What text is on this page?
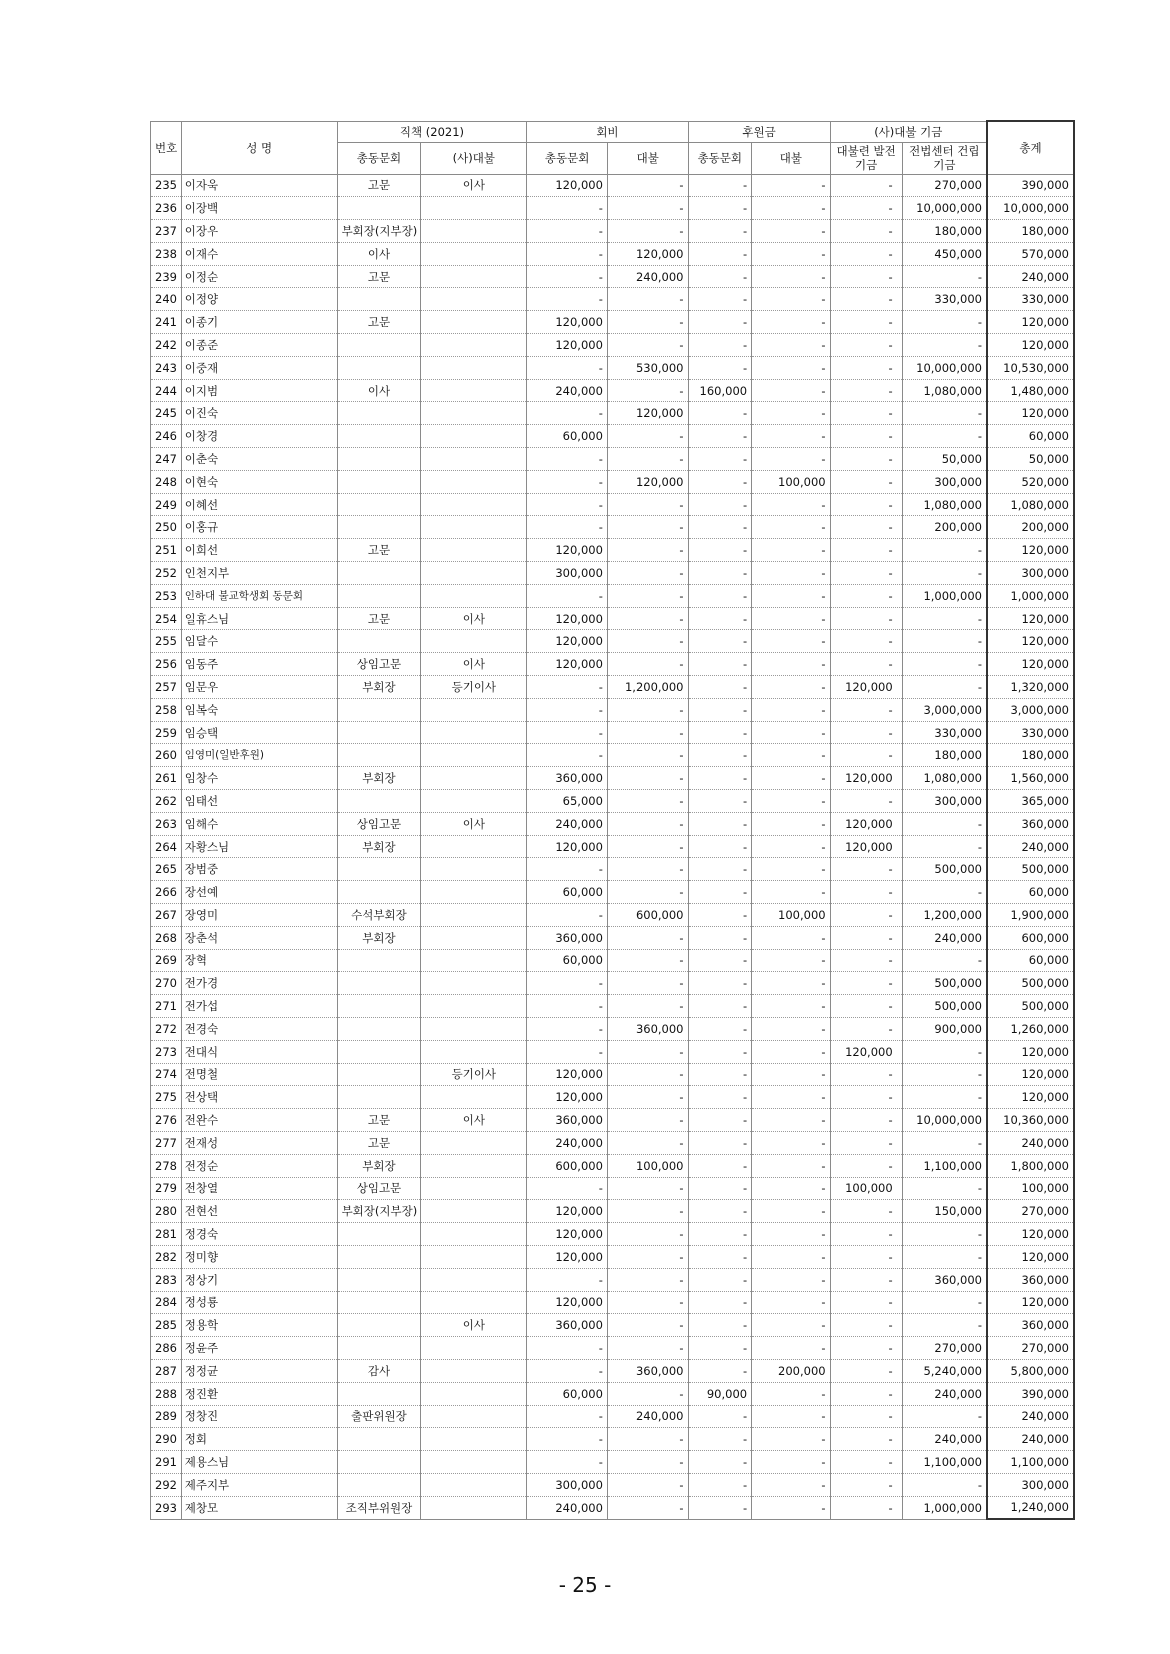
번호	성 명	직책 (2021)		회비		후원금		(사)대불 기금		총계
		총동문회	(사)대불	총동문회	대불	총동문회	대불	대불련 발전기금	전법센터 건립기금	
235	이자욱	고문	이사	120,000	-	-	-	-	270,000	390,000
236	이장백			-	-	-	-	-	10,000,000	10,000,000
237	이장우	부회장(지부장)		-	-	-	-	-	180,000	180,000
238	이재수	이사		-	120,000	-	-	-	450,000	570,000
239	이정순	고문		-	240,000	-	-	-	-	240,000
240	이정양			-	-	-	-	-	330,000	330,000
241	이종기	고문		120,000	-	-	-	-	-	120,000
242	이종준			120,000	-	-	-	-	-	120,000
243	이중재			-	530,000	-	-	-	10,000,000	10,530,000
244	이지범	이사		240,000	-	160,000	-	-	1,080,000	1,480,000
245	이진숙			-	120,000	-	-	-	-	120,000
246	이창경			60,000	-	-	-	-	-	60,000
247	이춘숙			-	-	-	-	-	50,000	50,000
248	이현숙			-	120,000	-	100,000	-	300,000	520,000
249	이혜선			-	-	-	-	-	1,080,000	1,080,000
250	이홍규			-	-	-	-	-	200,000	200,000
251	이희선	고문		120,000	-	-	-	-	-	120,000
252	인천지부			300,000	-	-	-	-	-	300,000
253	인하대 불교학생회 동문회			-	-	-	-	-	1,000,000	1,000,000
254	일휴스님	고문	이사	120,000	-	-	-	-	-	120,000
255	임달수			120,000	-	-	-	-	-	120,000
256	임동주	상임고문	이사	120,000	-	-	-	-	-	120,000
257	임문우	부회장	등기이사	-	1,200,000	-	-	120,000	-	1,320,000
258	임복숙			-	-	-	-	-	3,000,000	3,000,000
259	임승택			-	-	-	-	-	330,000	330,000
260	임영미(일반후원)			-	-	-	-	-	180,000	180,000
261	임창수	부회장		360,000	-	-	-	120,000	1,080,000	1,560,000
262	임태선			65,000	-	-	-	-	300,000	365,000
263	임해수	상임고문	이사	240,000	-	-	-	120,000	-	360,000
264	자황스님	부회장		120,000	-	-	-	120,000	-	240,000
265	장범중			-	-	-	-	-	500,000	500,000
266	장선예			60,000	-	-	-	-	-	60,000
267	장영미	수석부회장		-	600,000	-	100,000	-	1,200,000	1,900,000
268	장춘석	부회장		360,000	-	-	-	-	240,000	600,000
269	장혁			60,000	-	-	-	-	-	60,000
270	전가경			-	-	-	-	-	500,000	500,000
271	전가섭			-	-	-	-	-	500,000	500,000
272	전경숙			-	360,000	-	-	-	900,000	1,260,000
273	전대식			-	-	-	-	120,000	-	120,000
274	전명철		등기이사	120,000	-	-	-	-	-	120,000
275	전상택			120,000	-	-	-	-	-	120,000
276	전완수	고문	이사	360,000	-	-	-	-	10,000,000	10,360,000
277	전재성	고문		240,000	-	-	-	-	-	240,000
278	전정순	부회장		600,000	100,000	-	-	-	1,100,000	1,800,000
279	전창열	상임고문		-	-	-	-	100,000	-	100,000
280	전현선	부회장(지부장)		120,000	-	-	-	-	150,000	270,000
281	정경숙			120,000	-	-	-	-	-	120,000
282	정미향			120,000	-	-	-	-	-	120,000
283	정상기			-	-	-	-	-	360,000	360,000
284	정성룡			120,000	-	-	-	-	-	120,000
285	정용학		이사	360,000	-	-	-	-	-	360,000
286	정윤주			-	-	-	-	-	270,000	270,000
287	정정균	감사		-	360,000	-	200,000	-	5,240,000	5,800,000
288	정진환			60,000	-	90,000	-	-	240,000	390,000
289	정창진	출판위원장		-	240,000	-	-	-	-	240,000
290	정회			-	-	-	-	-	240,000	240,000
291	제용스님			-	-	-	-	-	1,100,000	1,100,000
292	제주지부			300,000	-	-	-	-	-	300,000
293	제창모	조직부위원장		240,000	-	-	-	-	1,000,000	1,240,000
- 25 -
